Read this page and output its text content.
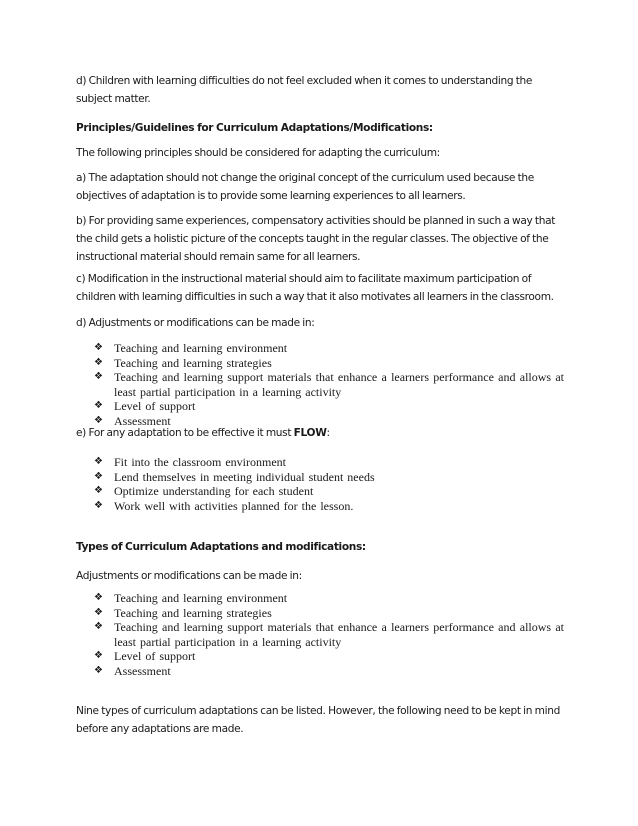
d) Children with learning difficulties do not feel excluded when it comes to understanding the subject matter.

Principles/Guidelines for Curriculum Adaptations/Modifications:

The following principles should be considered for adapting the curriculum:

a) The adaptation should not change the original concept of the curriculum used because the objectives of adaptation is to provide some learning experiences to all learners.

b) For providing same experiences, compensatory activities should be planned in such a way that the child gets a holistic picture of the concepts taught in the regular classes. The objective of the instructional material should remain same for all learners.

c) Modification in the instructional material should aim to facilitate maximum participation of children with learning difficulties in such a way that it also motivates all learners in the classroom.

d) Adjustments or modifications can be made in:

❖ Teaching and learning environment
❖ Teaching and learning strategies
❖ Teaching and learning support materials that enhance a learners performance and allows at least partial participation in a learning activity
❖ Level of support
❖ Assessment

e) For any adaptation to be effective it must FLOW:

❖ Fit into the classroom environment
❖ Lend themselves in meeting individual student needs
❖ Optimize understanding for each student
❖ Work well with activities planned for the lesson.

Types of Curriculum Adaptations and modifications:

Adjustments or modifications can be made in:

❖ Teaching and learning environment
❖ Teaching and learning strategies
❖ Teaching and learning support materials that enhance a learners performance and allows at least partial participation in a learning activity
❖ Level of support
❖ Assessment

Nine types of curriculum adaptations can be listed. However, the following need to be kept in mind before any adaptations are made.
